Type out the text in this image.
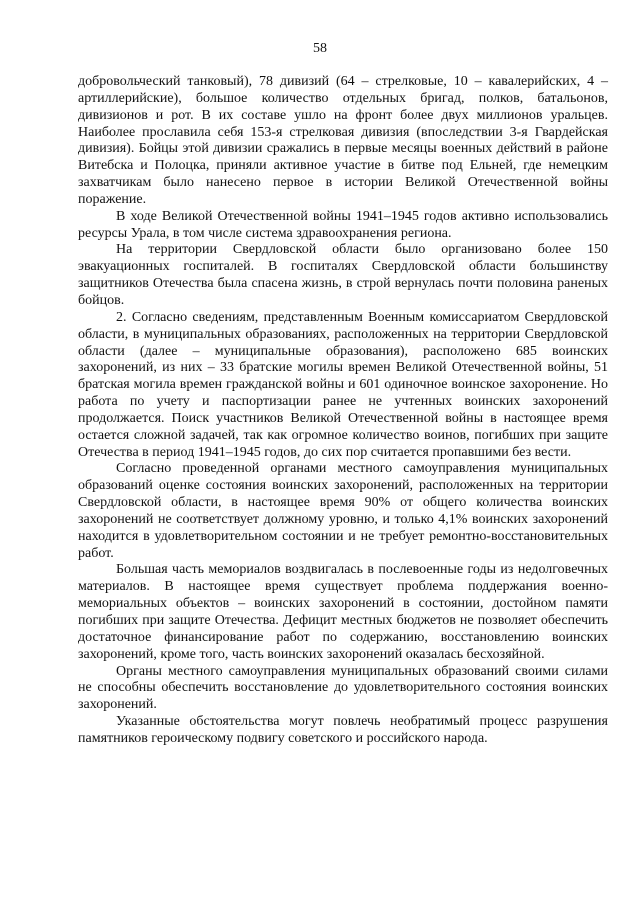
58

добровольческий танковый), 78 дивизий (64 – стрелковые, 10 – кавалерийских, 4 – артиллерийские), большое количество отдельных бригад, полков, батальонов, дивизионов и рот. В их составе ушло на фронт более двух миллионов уральцев. Наиболее прославила себя 153-я стрелковая дивизия (впоследствии 3-я Гвардейская дивизия). Бойцы этой дивизии сражались в первые месяцы военных действий в районе Витебска и Полоцка, приняли активное участие в битве под Ельней, где немецким захватчикам было нанесено первое в истории Великой Отечественной войны поражение.

В ходе Великой Отечественной войны 1941–1945 годов активно использовались ресурсы Урала, в том числе система здравоохранения региона.

На территории Свердловской области было организовано более 150 эвакуационных госпиталей. В госпиталях Свердловской области большинству защитников Отечества была спасена жизнь, в строй вернулась почти половина раненых бойцов.

2. Согласно сведениям, представленным Военным комиссариатом Свердловской области, в муниципальных образованиях, расположенных на территории Свердловской области (далее – муниципальные образования), расположено 685 воинских захоронений, из них – 33 братские могилы времен Великой Отечественной войны, 51 братская могила времен гражданской войны и 601 одиночное воинское захоронение. Но работа по учету и паспортизации ранее не учтенных воинских захоронений продолжается. Поиск участников Великой Отечественной войны в настоящее время остается сложной задачей, так как огромное количество воинов, погибших при защите Отечества в период 1941–1945 годов, до сих пор считается пропавшими без вести.

Согласно проведенной органами местного самоуправления муниципальных образований оценке состояния воинских захоронений, расположенных на территории Свердловской области, в настоящее время 90% от общего количества воинских захоронений не соответствует должному уровню, и только 4,1% воинских захоронений находится в удовлетворительном состоянии и не требует ремонтно-восстановительных работ.

Большая часть мемориалов воздвигалась в послевоенные годы из недолговечных материалов. В настоящее время существует проблема поддержания военно-мемориальных объектов – воинских захоронений в состоянии, достойном памяти погибших при защите Отечества. Дефицит местных бюджетов не позволяет обеспечить достаточное финансирование работ по содержанию, восстановлению воинских захоронений, кроме того, часть воинских захоронений оказалась бесхозяйной.

Органы местного самоуправления муниципальных образований своими силами не способны обеспечить восстановление до удовлетворительного состояния воинских захоронений.

Указанные обстоятельства могут повлечь необратимый процесс разрушения памятников героическому подвигу советского и российского народа.
